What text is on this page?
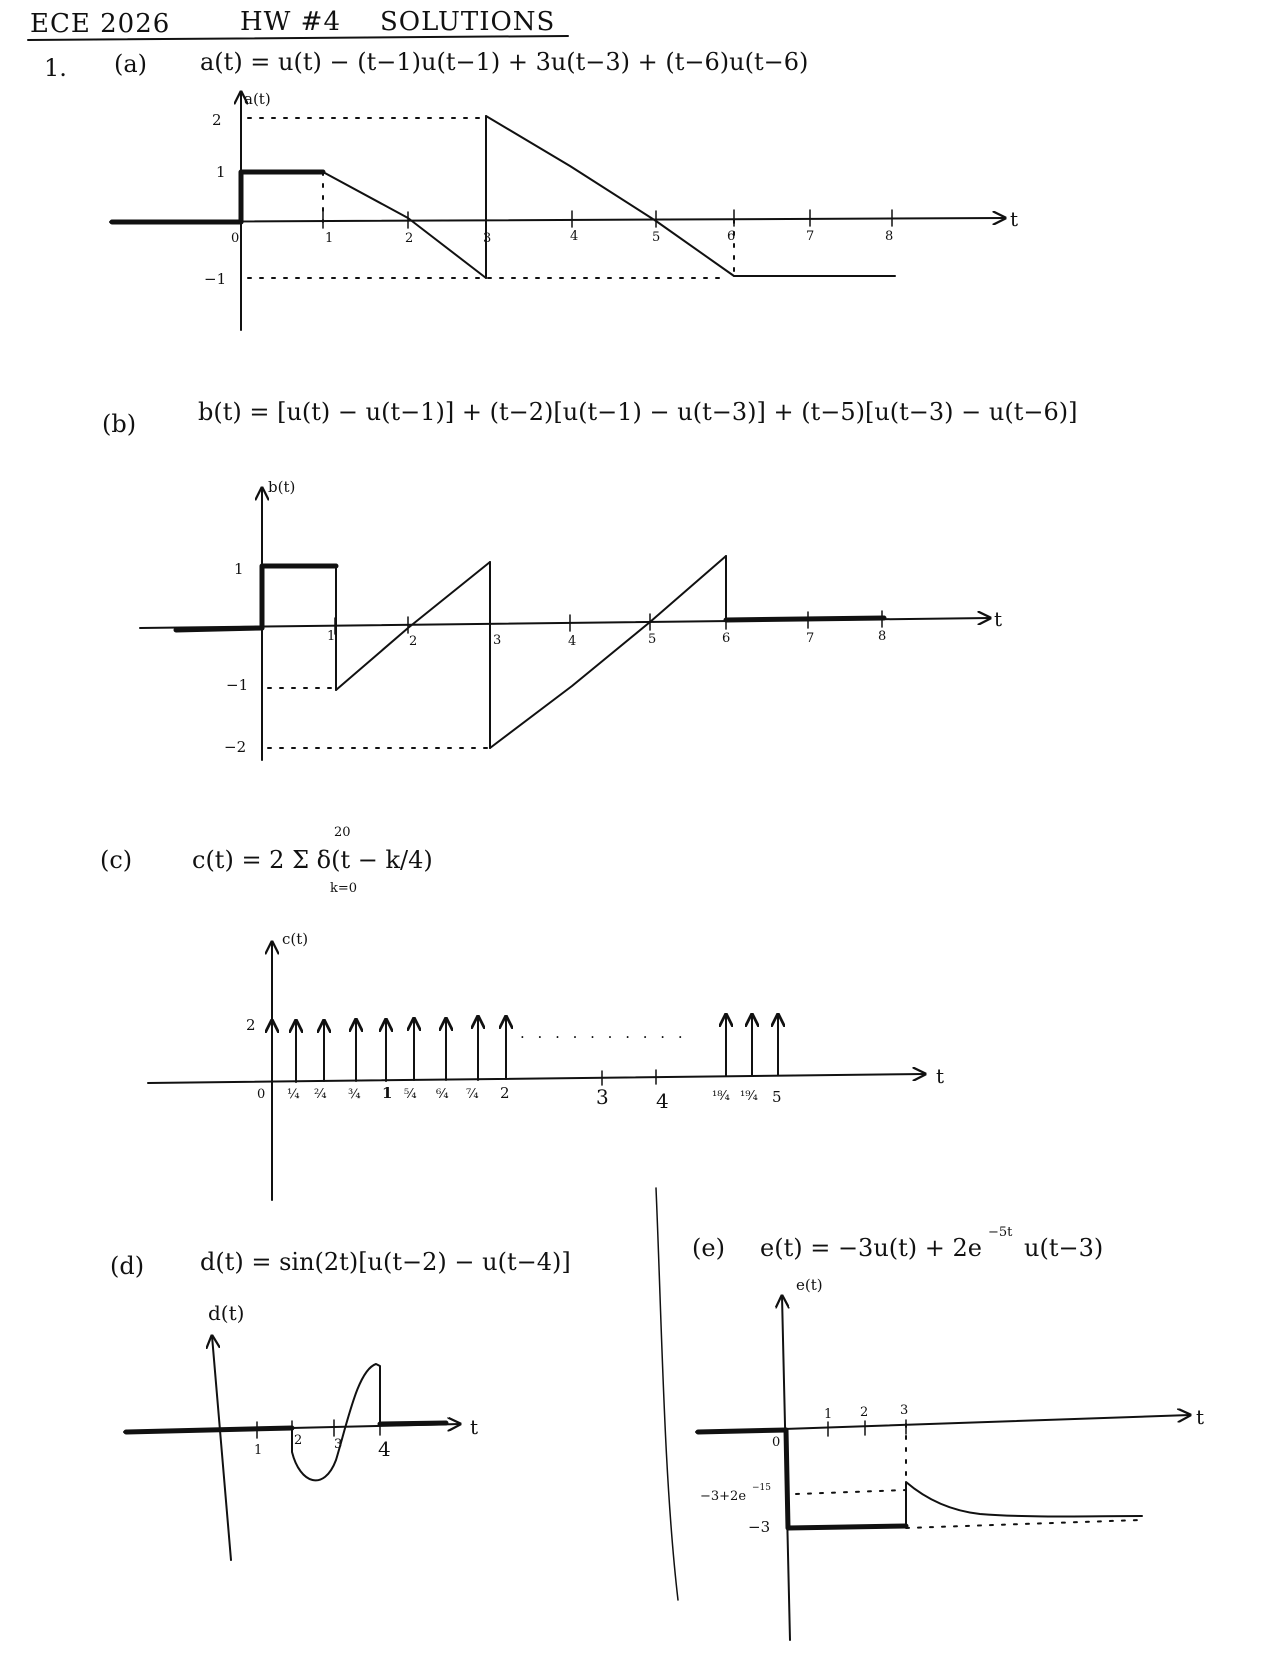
ECE 2026	HW #4 SOLUTIONS
1. (a) a(t) = u(t) − (t−1)u(t−1) + 3u(t−3) + (t−6)u(t−6)
t
a(t)
2
1
−1
0	1	2	3	4	5	6	7	8
(b)	b(t) = [u(t) − u(t−1)] + (t−2)[u(t−1) − u(t−3)] + (t−5)[u(t−3) − u(t−6)]
t
b(t)
1
−1
−2
1	2	3	4	5	6	7	8
(c) c(t) = 2 Σ δ(t − k/4)
20
k=0
t
c(t)
2
· · · · · · · · · ·
0 ¼ ²⁄₄ ¾ 1 ⁵⁄₄ ⁶⁄₄ ⁷⁄₄ 2	3 4	¹⁸⁄₄ ¹⁹⁄₄ 5
(d) d(t) = sin(2t)[u(t−2) − u(t−4)]
t
d(t)
1
2 3 4
(e) e(t) = −3u(t) + 2e
−5t
u(t−3)
t
e(t)
0
1 2 3
−3+2e
−15
−3
